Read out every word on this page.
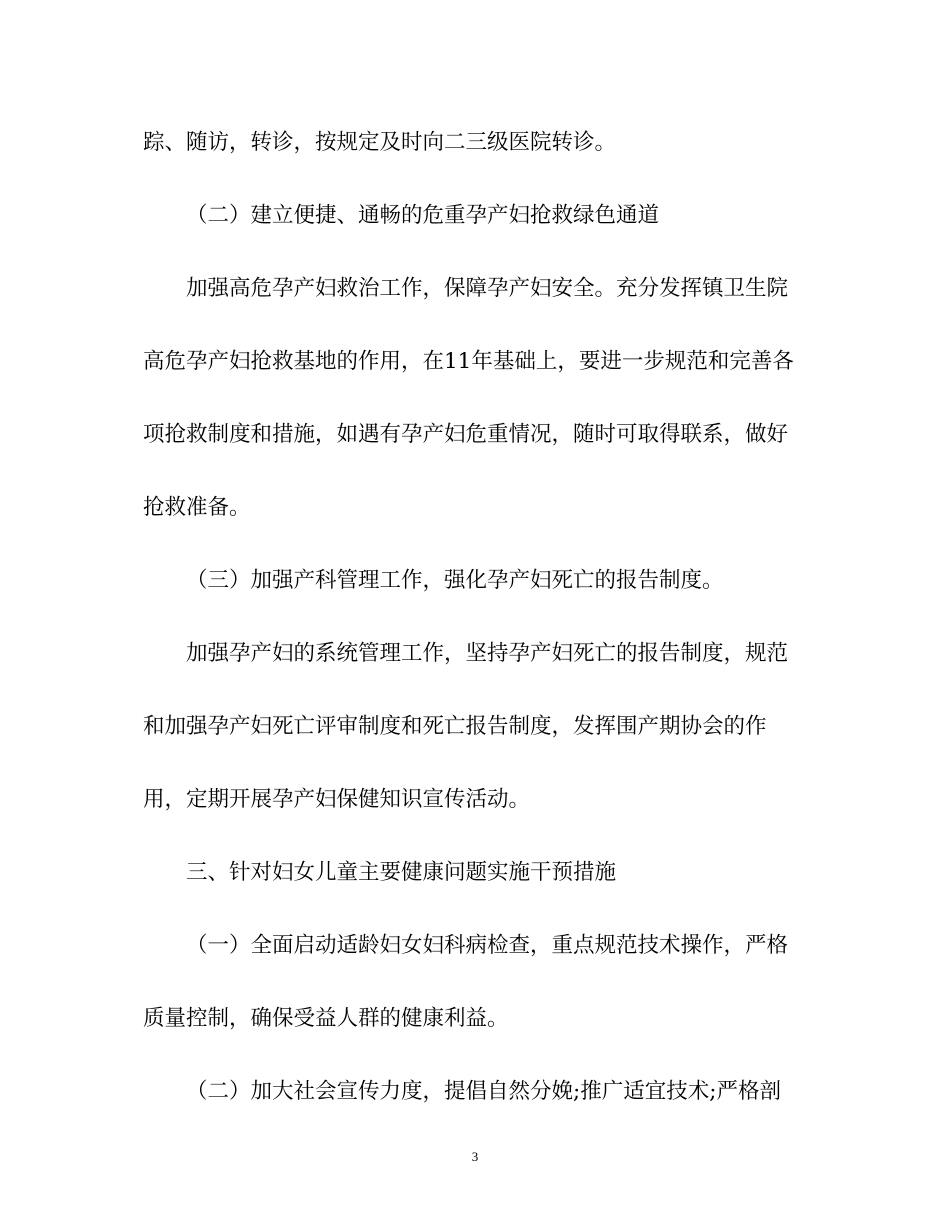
踪、随访，转诊，按规定及时向二三级医院转诊。
（二）建立便捷、通畅的危重孕产妇抢救绿色通道
加强高危孕产妇救治工作，保障孕产妇安全。充分发挥镇卫生院
高危孕产妇抢救基地的作用，在11年基础上，要进一步规范和完善各
项抢救制度和措施，如遇有孕产妇危重情况，随时可取得联系，做好
抢救准备。
（三）加强产科管理工作，强化孕产妇死亡的报告制度。
加强孕产妇的系统管理工作，坚持孕产妇死亡的报告制度，规范
和加强孕产妇死亡评审制度和死亡报告制度，发挥围产期协会的作
用，定期开展孕产妇保健知识宣传活动。
三、针对妇女儿童主要健康问题实施干预措施
（一）全面启动适龄妇女妇科病检查，重点规范技术操作，严格
质量控制，确保受益人群的健康利益。
（二）加大社会宣传力度，提倡自然分娩;推广适宜技术;严格剖
3
